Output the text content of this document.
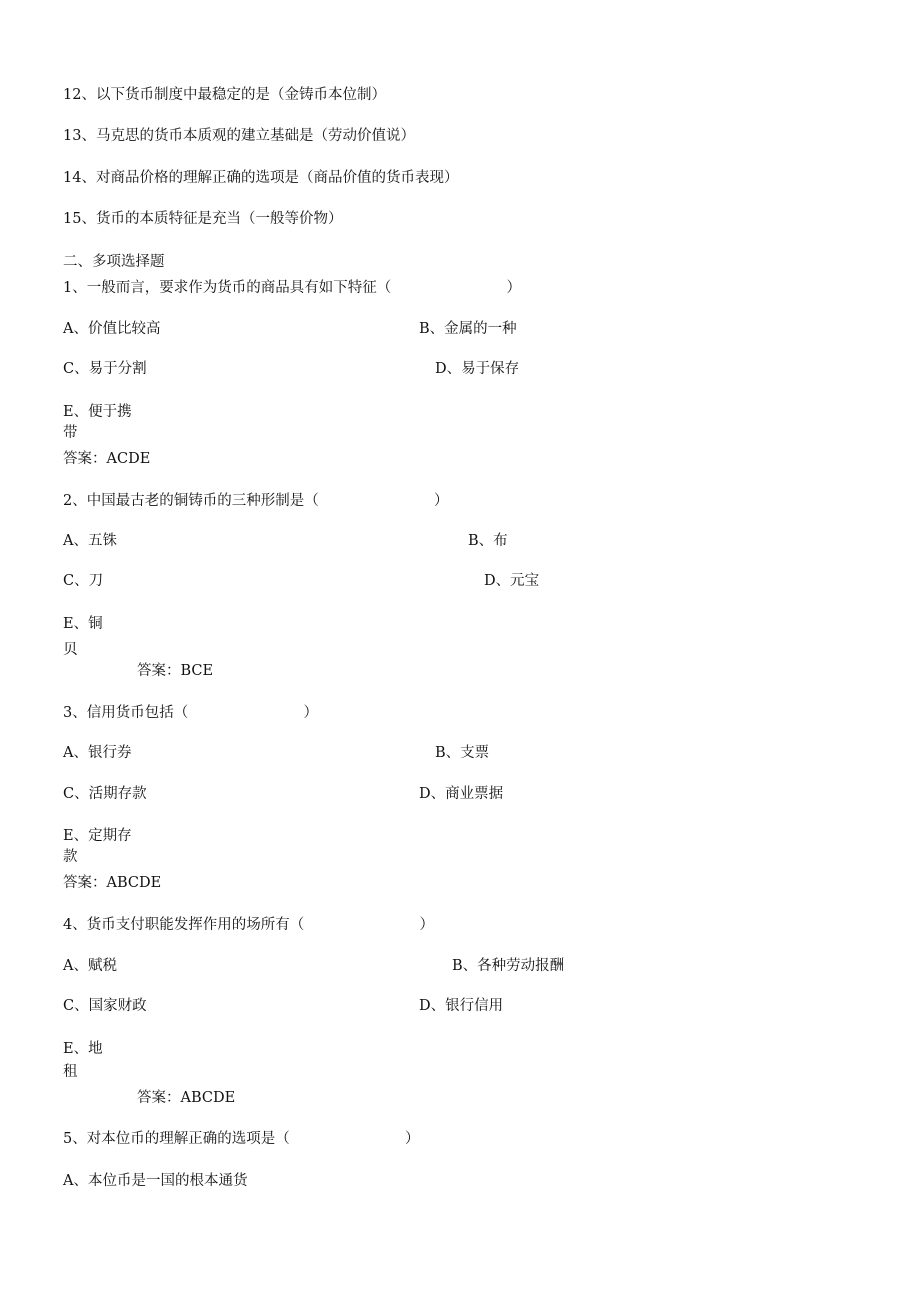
12、以下货币制度中最稳定的是（金铸币本位制）
13、马克思的货币本质观的建立基础是（劳动价值说）
14、对商品价格的理解正确的选项是（商品价值的货币表现）
15、货币的本质特征是充当（一般等价物）
二、多项选择题
1、一般而言，要求作为货币的商品具有如下特征（                         ）
A、价值比较高	B、金属的一种
C、易于分割	D、易于保存
E、便于携
带
答案：ACDE
2、中国最古老的铜铸币的三种形制是（                         ）
A、五铢	B、布
C、刀	D、元宝
E、铜
贝
答案：BCE
3、信用货币包括（                         ）
A、银行券	B、支票
C、活期存款	D、商业票据
E、定期存
款
答案：ABCDE
4、货币支付职能发挥作用的场所有（                         ）
A、赋税	B、各种劳动报酬
C、国家财政	D、银行信用
E、地
租
答案：ABCDE
5、对本位币的理解正确的选项是（                         ）
A、本位币是一国的根本通货
